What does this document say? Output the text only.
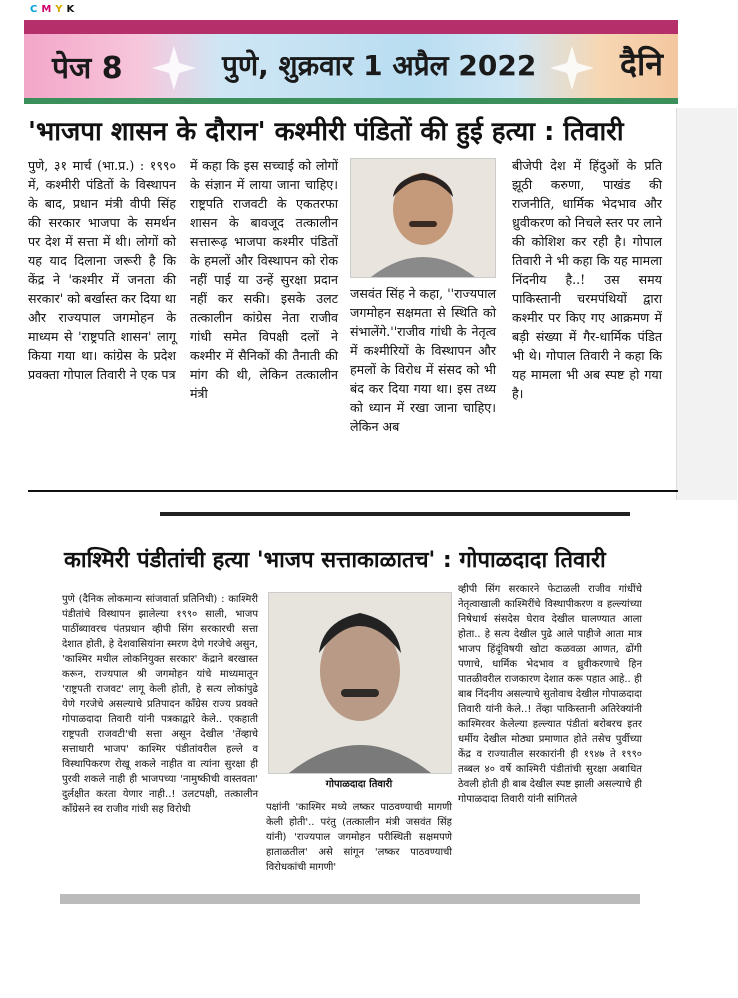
C M Y K
पेज 8	पुणे, शुक्रवार 1 अप्रैल 2022	दैनि
'भाजपा शासन के दौरान' कश्मीरी पंडितों की हुई हत्या : तिवारी
पुणे, ३१ मार्च (भा.प्र.) : १९९० में, कश्मीरी पंडितों के विस्थापन के बाद, प्रधान मंत्री वीपी सिंह की सरकार भाजपा के समर्थन पर देश में सत्ता में थी। लोगों को यह याद दिलाना जरूरी है कि केंद्र ने 'कश्मीर में जनता की सरकार' को बर्खास्त कर दिया था और राज्यपाल जगमोहन के माध्यम से 'राष्ट्रपति शासन' लागू किया गया था। कांग्रेस के प्रदेश प्रवक्ता गोपाल तिवारी ने एक पत्र
में कहा कि इस सच्चाई को लोगों के संज्ञान में लाया जाना चाहिए। राष्ट्रपति राजवटी के एकतरफा शासन के बावजूद तत्कालीन सत्तारूढ़ भाजपा कश्मीर पंडितों के हमलों और विस्थापन को रोक नहीं पाई या उन्हें सुरक्षा प्रदान नहीं कर सकी। इसके उलट तत्कालीन कांग्रेस नेता राजीव गांधी समेत विपक्षी दलों ने कश्मीर में सैनिकों की तैनाती की मांग की थी, लेकिन तत्कालीन मंत्री
जसवंत सिंह ने कहा, ''राज्यपाल जगमोहन सक्षमता से स्थिति को संभालेंगे.''राजीव गांधी के नेतृत्व में कश्मीरियों के विस्थापन और हमलों के विरोध में संसद को भी बंद कर दिया गया था। इस तथ्य को ध्यान में रखा जाना चाहिए। लेकिन अब
बीजेपी देश में हिंदुओं के प्रति झूठी करुणा, पाखंड की राजनीति, धार्मिक भेदभाव और ध्रुवीकरण को निचले स्तर पर लाने की कोशिश कर रही है। गोपाल तिवारी ने भी कहा कि यह मामला निंदनीय है..! उस समय पाकिस्तानी चरमपंथियों द्वारा कश्मीर पर किए गए आक्रमण में बड़ी संख्या में गैर-धार्मिक पंडित भी थे। गोपाल तिवारी ने कहा कि यह मामला भी अब स्पष्ट हो गया है।
काश्मिरी पंडीतांची हत्या 'भाजप सत्ताकाळातच' : गोपाळदादा तिवारी
पुणे (दैनिक लोकमान्य सांजवार्ता प्रतिनिधी) : काश्मिरी पंडीतांचे विस्थापन झालेल्या १९९० साली, भाजप पाठींब्यावरच पंतप्रधान व्हीपी सिंग सरकारची सत्ता देशात होती, हे देशवासियांना स्मरण देणे गरजेचे असुन, 'काश्मिर मधील लोकनियुक्त सरकार' केंद्राने बरखास्त करून, राज्यपाल श्री जगमोहन यांचे माध्यमातून 'राष्ट्रपती राजवट' लागू केली होती, हे सत्य लोकांपुढे येणे गरजेचे असल्याचे प्रतिपादन काँग्रेस राज्य प्रवक्ते गोपाळदादा तिवारी यांनी पत्रकाद्वारे केले.. एकहाती राष्ट्रपती राजवटी'ची सत्ता असून देखील 'तेंव्हाचे सत्ताधारी भाजप' काश्मिर पंडीतांवरील हल्ले व विस्थापिकरण रोखू शकले नाहीत वा त्यांना सुरक्षा ही पुरवी शकले नाही ही भाजपच्या 'नामुष्कीची वास्तवता' दुर्लक्षीत करता येणार नाही..! उलटपक्षी, तत्कालीन कॉंग्रेसने स्व राजीव गांधी सह विरोधी
गोपाळदादा तिवारी
पक्षांनी 'काश्मिर मध्ये लष्कर पाठवण्याची मागणी केली होती'.. परंतु (तत्कालीन मंत्री जसवंत सिंह यांनी) 'राज्यपाल जगमोहन परीस्थिती सक्षमपणे हाताळतील' असे सांगून 'लष्कर पाठवण्याची विरोधकांची मागणी'
व्हीपी सिंग सरकारने फेटाळली राजीव गांधींचे नेतृत्वाखाली काश्मिरींचे विस्थापीकरण व हल्ल्यांच्या निषेधार्थ संसदेस घेराव देखील घालण्यात आला होता.. हे सत्य देखील पुढे आले पाहीजे आता मात्र भाजप हिंदूंविषयी खोटा कळवळा आणत, ढोंगी पणाचे, धार्मिक भेदभाव व ध्रुवीकरणाचे हिन पातळीवरील राजकारण देशात करू पहात आहे.. ही बाब निंदनीय असल्याचे सुतोवाच देखील गोपाळदादा तिवारी यांनी केले..! तेंव्हा पाकिस्तानी अतिरेक्यांनी काश्मिरवर केलेल्या हल्ल्यात पंडीतां बरोबरच इतर धर्मीय देखील मोठ्या प्रमाणात होते तसेच पुर्वीच्या केंद्र व राज्यातील सरकारांनी ही १९४७ ते १९९० तब्बल ४० वर्षे काश्मिरी पंडीतांची सुरक्षा अबाधित ठेवली होती ही बाब देखील स्पष्ट झाली असल्याचे ही गोपाळदादा तिवारी यांनी सांगितले
